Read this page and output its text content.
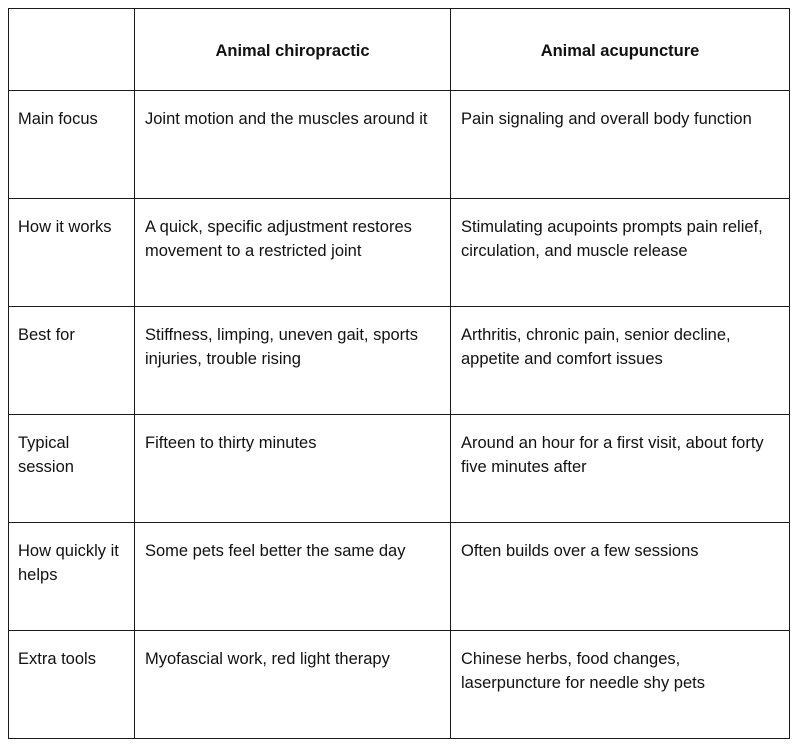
	Animal chiropractic	Animal acupuncture

Main focus	Joint motion and the muscles around it	Pain signaling and overall body function

How it works	A quick, specific adjustment restores movement to a restricted joint	Stimulating acupoints prompts pain relief, circulation, and muscle release

Best for	Stiffness, limping, uneven gait, sports injuries, trouble rising	Arthritis, chronic pain, senior decline, appetite and comfort issues

Typical session	Fifteen to thirty minutes	Around an hour for a first visit, about forty five minutes after

How quickly it helps	Some pets feel better the same day	Often builds over a few sessions

Extra tools	Myofascial work, red light therapy	Chinese herbs, food changes, laserpuncture for needle shy pets
